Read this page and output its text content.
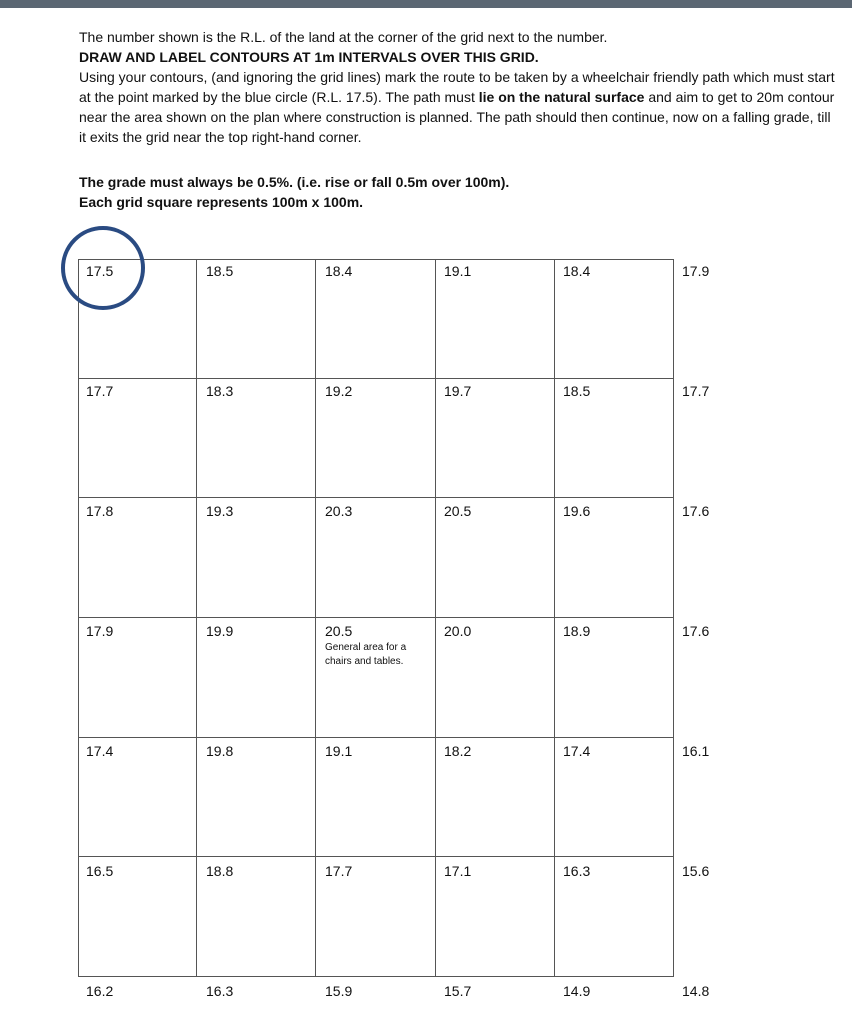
The number shown is the R.L. of the land at the corner of the grid next to the number.

DRAW AND LABEL CONTOURS AT 1m INTERVALS OVER THIS GRID.

Using your contours, (and ignoring the grid lines) mark the route to be taken by a wheelchair friendly path which must start at the point marked by the blue circle (R.L. 17.5). The path must lie on the natural surface and aim to get to 20m contour near the area shown on the plan where construction is planned. The path should then continue, now on a falling grade, till it exits the grid near the top right-hand corner.

The grade must always be 0.5%. (i.e. rise or fall 0.5m over 100m).

Each grid square represents 100m x 100m.

17.5	18.5	18.4	19.1	18.4	17.9
17.7	18.3	19.2	19.7	18.5	17.7
17.8	19.3	20.3	20.5	19.6	17.6
17.9	19.9	20.5	20.0	18.9	17.6
17.4	19.8	19.1	18.2	17.4	16.1
16.5	18.8	17.7	17.1	16.3	15.6
16.2	16.3	15.9	15.7	14.9	14.8
General area for a
chairs and tables.
